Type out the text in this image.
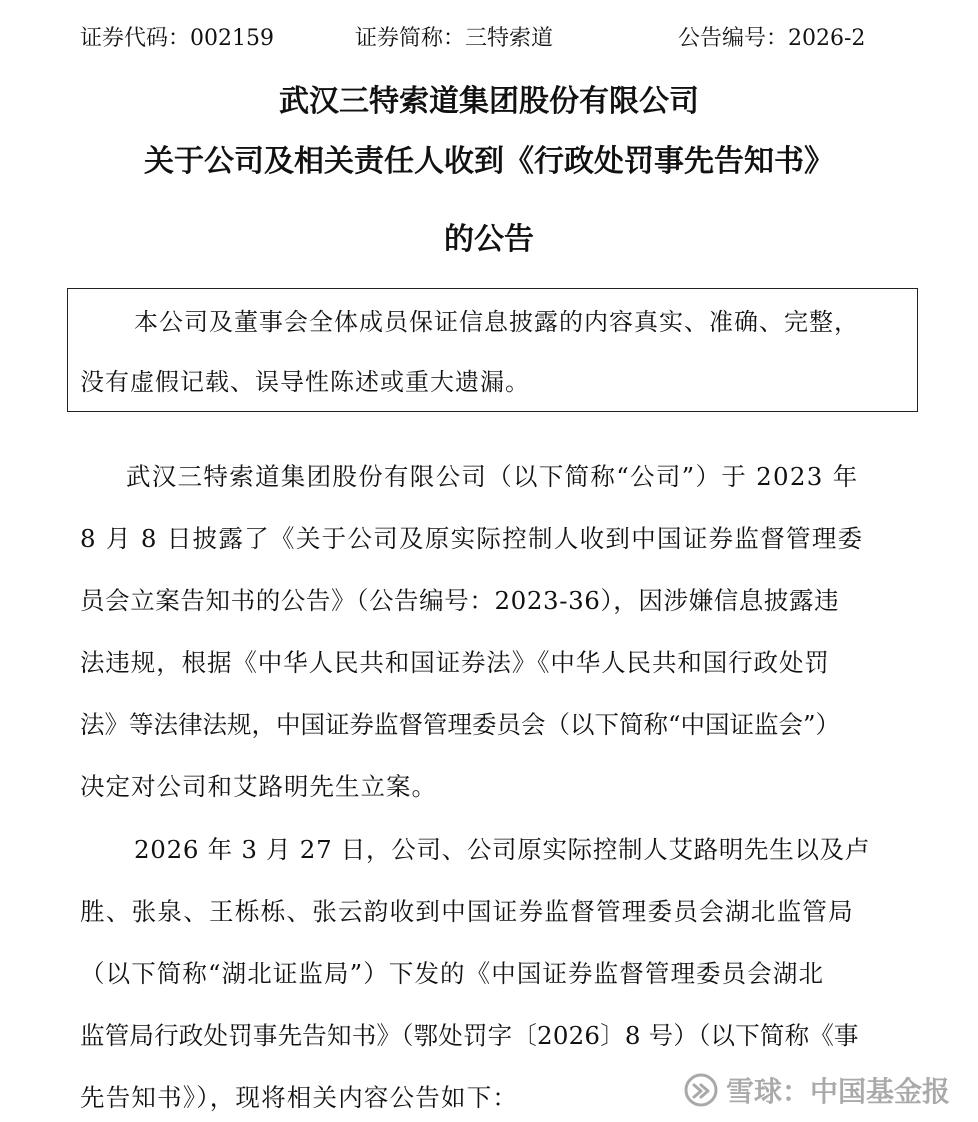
证券代码：002159	证券简称：三特索道	公告编号：2026-2
武汉三特索道集团股份有限公司
关于公司及相关责任人收到《行政处罚事先告知书》
的公告
本公司及董事会全体成员保证信息披露的内容真实、准确、完整，
没有虚假记载、误导性陈述或重大遗漏。
武汉三特索道集团股份有限公司（以下简称“公司”）于 2023 年
8 月 8 日披露了《关于公司及原实际控制人收到中国证券监督管理委
员会立案告知书的公告》（公告编号：2023-36），因涉嫌信息披露违
法违规，根据《中华人民共和国证券法》《中华人民共和国行政处罚
法》等法律法规，中国证券监督管理委员会（以下简称“中国证监会”）
决定对公司和艾路明先生立案。
2026 年 3 月 27 日，公司、公司原实际控制人艾路明先生以及卢
胜、张泉、王栎栎、张云韵收到中国证券监督管理委员会湖北监管局
（以下简称“湖北证监局”）下发的《中国证券监督管理委员会湖北
监管局行政处罚事先告知书》（鄂处罚字〔2026〕8 号）（以下简称《事
先告知书》），现将相关内容公告如下：	雪球：中国基金报
